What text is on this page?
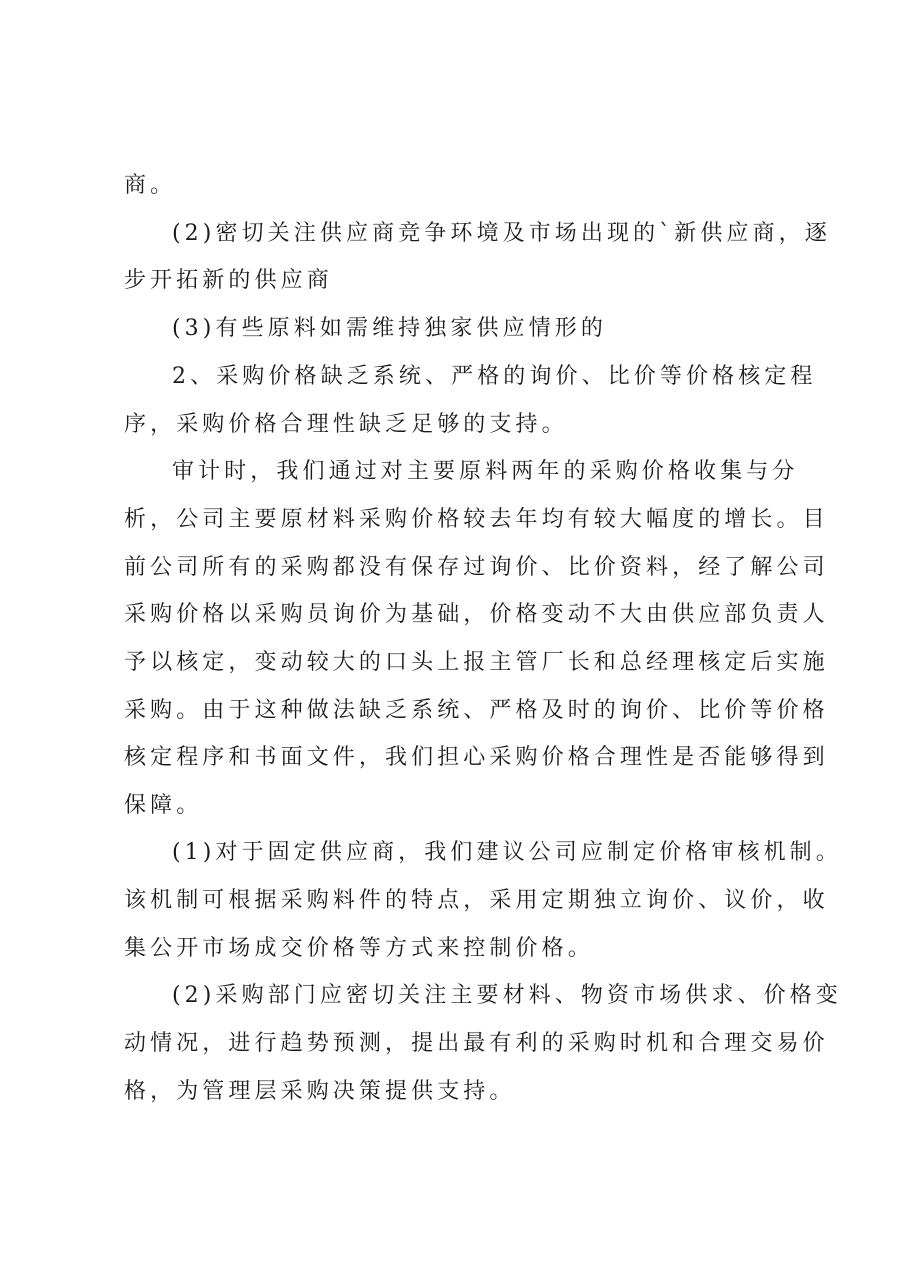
商。
(2)密切关注供应商竞争环境及市场出现的`新供应商，逐
步开拓新的供应商
(3)有些原料如需维持独家供应情形的
2、采购价格缺乏系统、严格的询价、比价等价格核定程
序，采购价格合理性缺乏足够的支持。
审计时，我们通过对主要原料两年的采购价格收集与分
析，公司主要原材料采购价格较去年均有较大幅度的增长。目
前公司所有的采购都没有保存过询价、比价资料，经了解公司
采购价格以采购员询价为基础，价格变动不大由供应部负责人
予以核定，变动较大的口头上报主管厂长和总经理核定后实施
采购。由于这种做法缺乏系统、严格及时的询价、比价等价格
核定程序和书面文件，我们担心采购价格合理性是否能够得到
保障。
(1)对于固定供应商，我们建议公司应制定价格审核机制。
该机制可根据采购料件的特点，采用定期独立询价、议价，收
集公开市场成交价格等方式来控制价格。
(2)采购部门应密切关注主要材料、物资市场供求、价格变
动情况，进行趋势预测，提出最有利的采购时机和合理交易价
格，为管理层采购决策提供支持。
